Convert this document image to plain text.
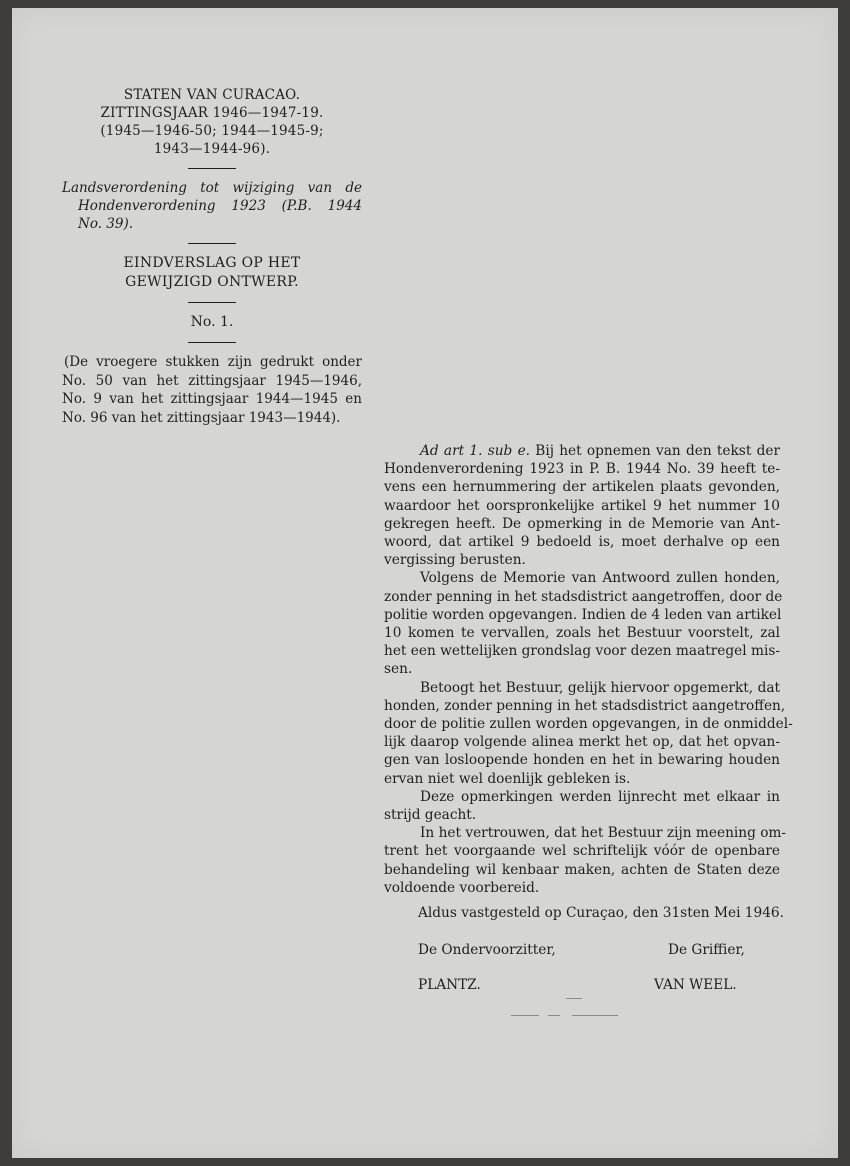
STATEN VAN CURACAO.
ZITTINGSJAAR 1946—1947-19.
(1945—1946-50; 1944—1945-9;
1943—1944-96).
Landsverordening tot wijziging van de
Hondenverordening 1923 (P.B. 1944
No. 39).
EINDVERSLAG OP HET
GEWIJZIGD ONTWERP.
No. 1.
(De vroegere stukken zijn gedrukt onder
No. 50 van het zittingsjaar 1945—1946,
No. 9 van het zittingsjaar 1944—1945 en
No. 96 van het zittingsjaar 1943—1944).
Ad art 1. sub e. Bij het opnemen van den tekst der
Hondenverordening 1923 in P. B. 1944 No. 39 heeft te-
vens een hernummering der artikelen plaats gevonden,
waardoor het oorspronkelijke artikel 9 het nummer 10
gekregen heeft. De opmerking in de Memorie van Ant-
woord, dat artikel 9 bedoeld is, moet derhalve op een
vergissing berusten.
Volgens de Memorie van Antwoord zullen honden,
zonder penning in het stadsdistrict aangetroffen, door de
politie worden opgevangen. Indien de 4 leden van artikel
10 komen te vervallen, zoals het Bestuur voorstelt, zal
het een wettelijken grondslag voor dezen maatregel mis-
sen.
Betoogt het Bestuur, gelijk hiervoor opgemerkt, dat
honden, zonder penning in het stadsdistrict aangetroffen,
door de politie zullen worden opgevangen, in de onmiddel-
lijk daarop volgende alinea merkt het op, dat het opvan-
gen van losloopende honden en het in bewaring houden
ervan niet wel doenlijk gebleken is.
Deze opmerkingen werden lijnrecht met elkaar in
strijd geacht.
In het vertrouwen, dat het Bestuur zijn meening om-
trent het voorgaande wel schriftelijk vóór de openbare
behandeling wil kenbaar maken, achten de Staten deze
voldoende voorbereid.
Aldus vastgesteld op Curaçao, den 31sten Mei 1946.
De Ondervoorzitter,	De Griffier,
PLANTZ.	VAN WEEL.
